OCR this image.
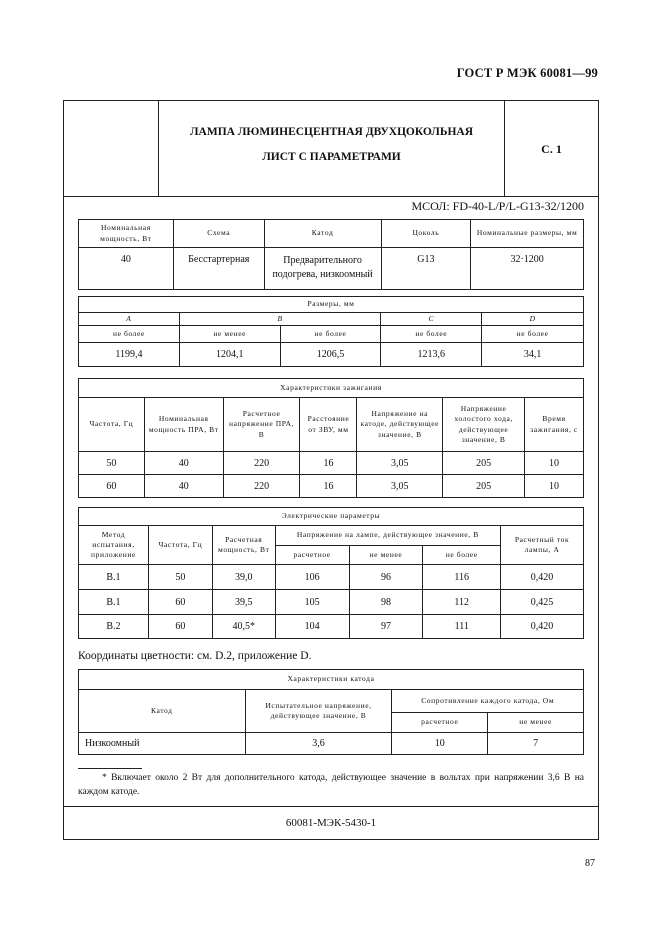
ГОСТ Р МЭК 60081—99
ЛАМПА ЛЮМИНЕСЦЕНТНАЯ ДВУХЦОКОЛЬНАЯ
ЛИСТ С ПАРАМЕТРАМИ
С. 1
МСОЛ: FD-40-L/P/L-G13-32/1200
Номинальная мощность, Вт	Схема	Катод	Цоколь	Номинальные размеры, мм
40	Бесстартерная	Предварительного подогрева, низкоомный	G13	32·1200
Размеры, мм				
A	B		C	D
не более	не менее	не более	не более	не более
1199,4	1204,1	1206,5	1213,6	34,1
Характеристики зажигания						
Частота, Гц	Номинальная мощность ПРА, Вт	Расчетное напряжение ПРА, В	Расстояние от ЗВУ, мм	Напряжение на катоде, действующее значение, В	Напряжение холостого хода, действующее значение, В	Время зажигания, с
50	40	220	16	3,05	205	10
60	40	220	16	3,05	205	10
Электрические параметры						
Метод испытания, приложение	Частота, Гц	Расчетная мощность, Вт	Напряжение на лампе, действующее значение, В			Расчетный ток лампы, А
			расчетное	не менее	не более	
B.1	50	39,0	106	96	116	0,420
B.1	60	39,5	105	98	112	0,425
B.2	60	40,5*	104	97	111	0,420
Координаты цветности: см. D.2, приложение D.
Характеристики катода			
Катод	Испытательное напряжение, действующее значение, В	Сопротивление каждого катода, Ом	
		расчетное	не менее
Низкоомный	3,6	10	7
* Включает около 2 Вт для дополнительного катода, действующее значение в вольтах при напряжении 3,6 В на каждом катоде.
60081-МЭК-5430-1
87
